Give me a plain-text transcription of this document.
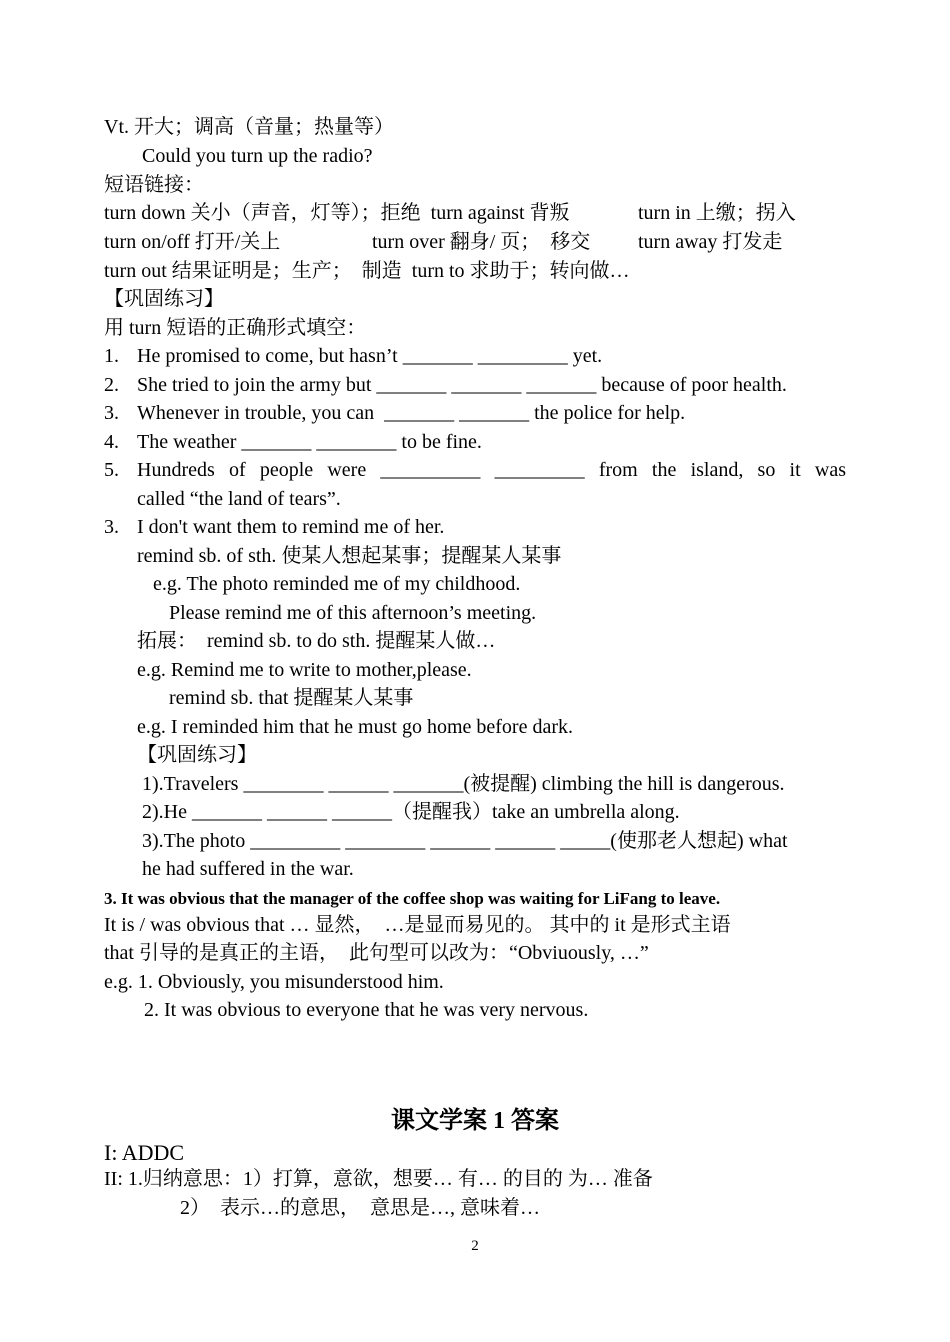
Vt. 开大；调高（音量；热量等）
Could you turn up the radio?
短语链接：
turn down 关小（声音，灯等）；拒绝  turn against 背叛	turn in 上缴；拐入
turn on/off 打开/关上	turn over 翻身/ 页；  移交 turn away 打发走
turn out 结果证明是；生产；  制造  turn to 求助于；转向做…
【巩固练习】
用 turn 短语的正确形式填空：
1. He promised to come, but hasn’t _______ _________ yet.
2. She tried to join the army but _______ _______ _______ because of poor health.
3. Whenever in trouble, you can  _______ _______ the police for help.
4. The weather _______ ________ to be fine.
5. Hundreds of people were __________ _________ from the island, so it was
called “the land of tears”.
3. I don't want them to remind me of her.
remind sb. of sth. 使某人想起某事；提醒某人某事
e.g. The photo reminded me of my childhood.
Please remind me of this afternoon’s meeting.
拓展：  remind sb. to do sth. 提醒某人做…
e.g. Remind me to write to mother,please.
remind sb. that 提醒某人某事
e.g. I reminded him that he must go home before dark.
【巩固练习】
1).Travelers ________ ______ _______(被提醒) climbing the hill is dangerous.
2).He _______ ______ ______（提醒我）take an umbrella along.
3).The photo _________ ________ ______ ______ _____(使那老人想起) what
he had suffered in the war.
3. It was obvious that the manager of the coffee shop was waiting for LiFang to leave.
It is / was obvious that … 显然，  …是显而易见的。 其中的 it 是形式主语
that 引导的是真正的主语，  此句型可以改为：“Obviuously, …”
e.g. 1. Obviously, you misunderstood him.
2. It was obvious to everyone that he was very nervous.
课文学案 1 答案
I: ADDC
II: 1.归纳意思：1）打算，意欲，想要… 有… 的目的 为… 准备
2）  表示…的意思，  意思是…, 意味着…
2
